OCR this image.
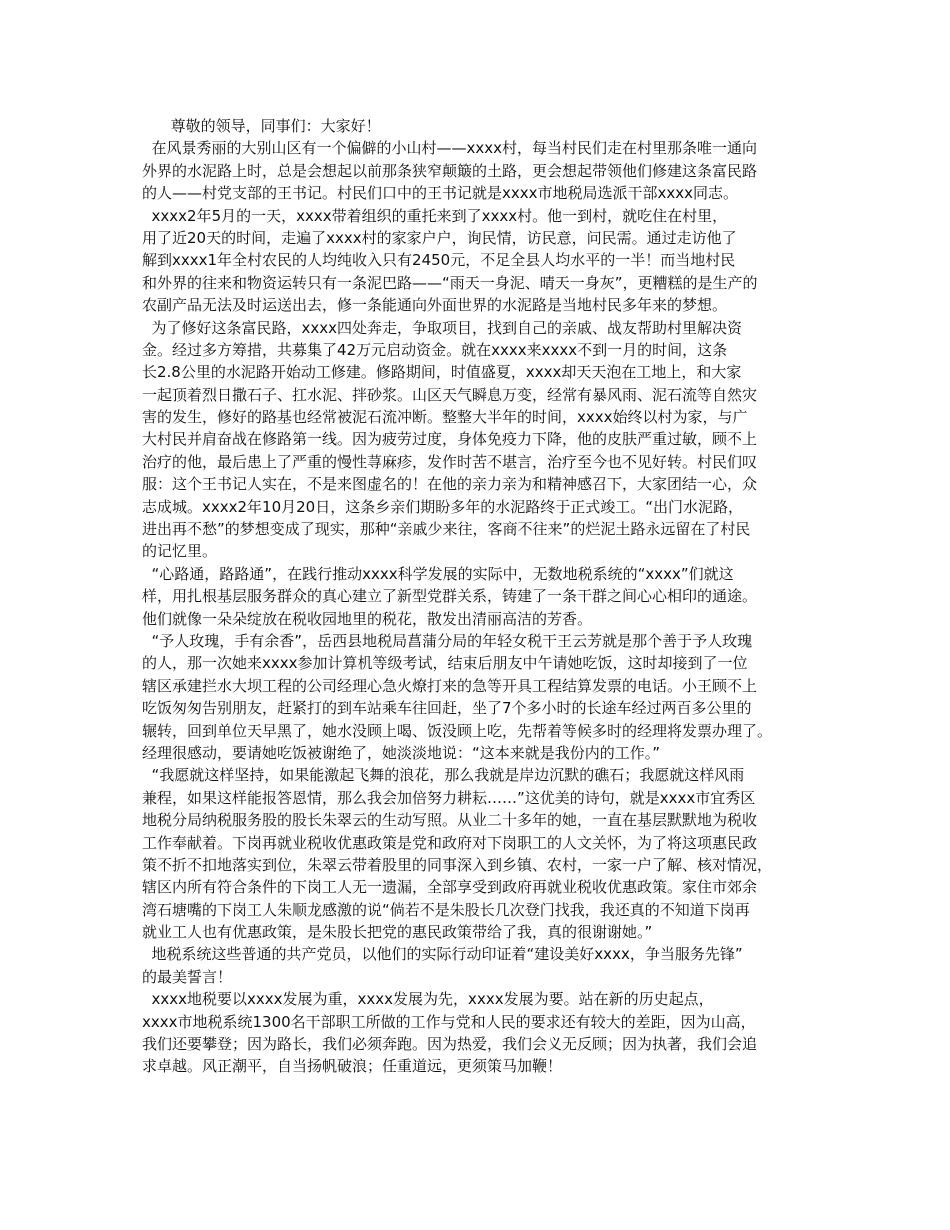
尊敬的领导，同事们：大家好！
在风景秀丽的大别山区有一个偏僻的小山村——xxxx村，每当村民们走在村里那条唯一通向
外界的水泥路上时，总是会想起以前那条狭窄颠簸的土路，更会想起带领他们修建这条富民路
的人——村党支部的王书记。村民们口中的王书记就是xxxx市地税局选派干部xxxx同志。
xxxx2年5月的一天，xxxx带着组织的重托来到了xxxx村。他一到村，就吃住在村里，
用了近20天的时间，走遍了xxxx村的家家户户，询民情，访民意，问民需。通过走访他了
解到xxxx1年全村农民的人均纯收入只有2450元，不足全县人均水平的一半！而当地村民
和外界的往来和物资运转只有一条泥巴路——“雨天一身泥、晴天一身灰”，更糟糕的是生产的
农副产品无法及时运送出去，修一条能通向外面世界的水泥路是当地村民多年来的梦想。
为了修好这条富民路，xxxx四处奔走，争取项目，找到自己的亲戚、战友帮助村里解决资
金。经过多方筹措，共募集了42万元启动资金。就在xxxx来xxxx不到一月的时间，这条
长2.8公里的水泥路开始动工修建。修路期间，时值盛夏，xxxx却天天泡在工地上，和大家
一起顶着烈日撒石子、扛水泥、拌砂浆。山区天气瞬息万变，经常有暴风雨、泥石流等自然灾
害的发生，修好的路基也经常被泥石流冲断。整整大半年的时间，xxxx始终以村为家，与广
大村民并肩奋战在修路第一线。因为疲劳过度，身体免疫力下降，他的皮肤严重过敏，顾不上
治疗的他，最后患上了严重的慢性荨麻疹，发作时苦不堪言，治疗至今也不见好转。村民们叹
服：这个王书记人实在，不是来图虚名的！在他的亲力亲为和精神感召下，大家团结一心，众
志成城。xxxx2年10月20日，这条乡亲们期盼多年的水泥路终于正式竣工。“出门水泥路，
进出再不愁”的梦想变成了现实，那种“亲戚少来往，客商不往来”的烂泥土路永远留在了村民
的记忆里。
“心路通，路路通”，在践行推动xxxx科学发展的实际中，无数地税系统的“xxxx”们就这
样，用扎根基层服务群众的真心建立了新型党群关系，铸建了一条干群之间心心相印的通途。
他们就像一朵朵绽放在税收园地里的税花，散发出清丽高洁的芳香。
“予人玫瑰，手有余香”，岳西县地税局菖蒲分局的年轻女税干王云芳就是那个善于予人玫瑰
的人，那一次她来xxxx参加计算机等级考试，结束后朋友中午请她吃饭，这时却接到了一位
辖区承建拦水大坝工程的公司经理心急火燎打来的急等开具工程结算发票的电话。小王顾不上
吃饭匆匆告别朋友，赶紧打的到车站乘车往回赶，坐了7个多小时的长途车经过两百多公里的
辗转，回到单位天早黑了，她水没顾上喝、饭没顾上吃，先帮着等候多时的经理将发票办理了。
经理很感动，要请她吃饭被谢绝了，她淡淡地说：“这本来就是我份内的工作。”
“我愿就这样坚持，如果能激起飞舞的浪花，那么我就是岸边沉默的礁石；我愿就这样风雨
兼程，如果这样能报答恩情，那么我会加倍努力耕耘……”这优美的诗句，就是xxxx市宜秀区
地税分局纳税服务股的股长朱翠云的生动写照。从业二十多年的她，一直在基层默默地为税收
工作奉献着。下岗再就业税收优惠政策是党和政府对下岗职工的人文关怀，为了将这项惠民政
策不折不扣地落实到位，朱翠云带着股里的同事深入到乡镇、农村，一家一户了解、核对情况，
辖区内所有符合条件的下岗工人无一遗漏，全部享受到政府再就业税收优惠政策。家住市郊余
湾石塘嘴的下岗工人朱顺龙感激的说“倘若不是朱股长几次登门找我，我还真的不知道下岗再
就业工人也有优惠政策，是朱股长把党的惠民政策带给了我，真的很谢谢她。”
地税系统这些普通的共产党员，以他们的实际行动印证着“建设美好xxxx，争当服务先锋”
的最美誓言！
xxxx地税要以xxxx发展为重，xxxx发展为先，xxxx发展为要。站在新的历史起点，
xxxx市地税系统1300名干部职工所做的工作与党和人民的要求还有较大的差距，因为山高，
我们还要攀登；因为路长，我们必须奔跑。因为热爱，我们会义无反顾；因为执著，我们会追
求卓越。风正潮平，自当扬帆破浪；任重道远，更须策马加鞭！
